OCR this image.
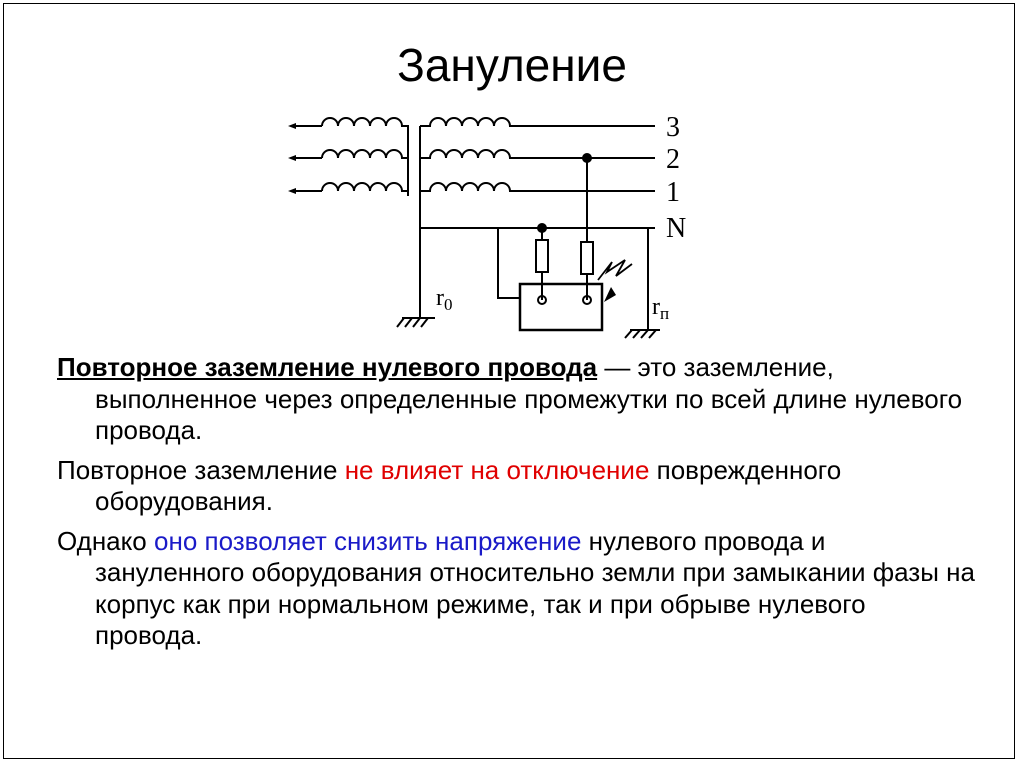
Зануление
3
2
1
N
$r_0$	$r_п$

Повторное заземление нулевого провода — это заземление, выполненное через определенные промежутки по всей длине нулевого провода.

Повторное заземление не влияет на отключение поврежденного оборудования.

Однако оно позволяет снизить напряжение нулевого провода и зануленного оборудования относительно земли при замыкании фазы на корпус как при нормальном режиме, так и при обрыве нулевого провода.
